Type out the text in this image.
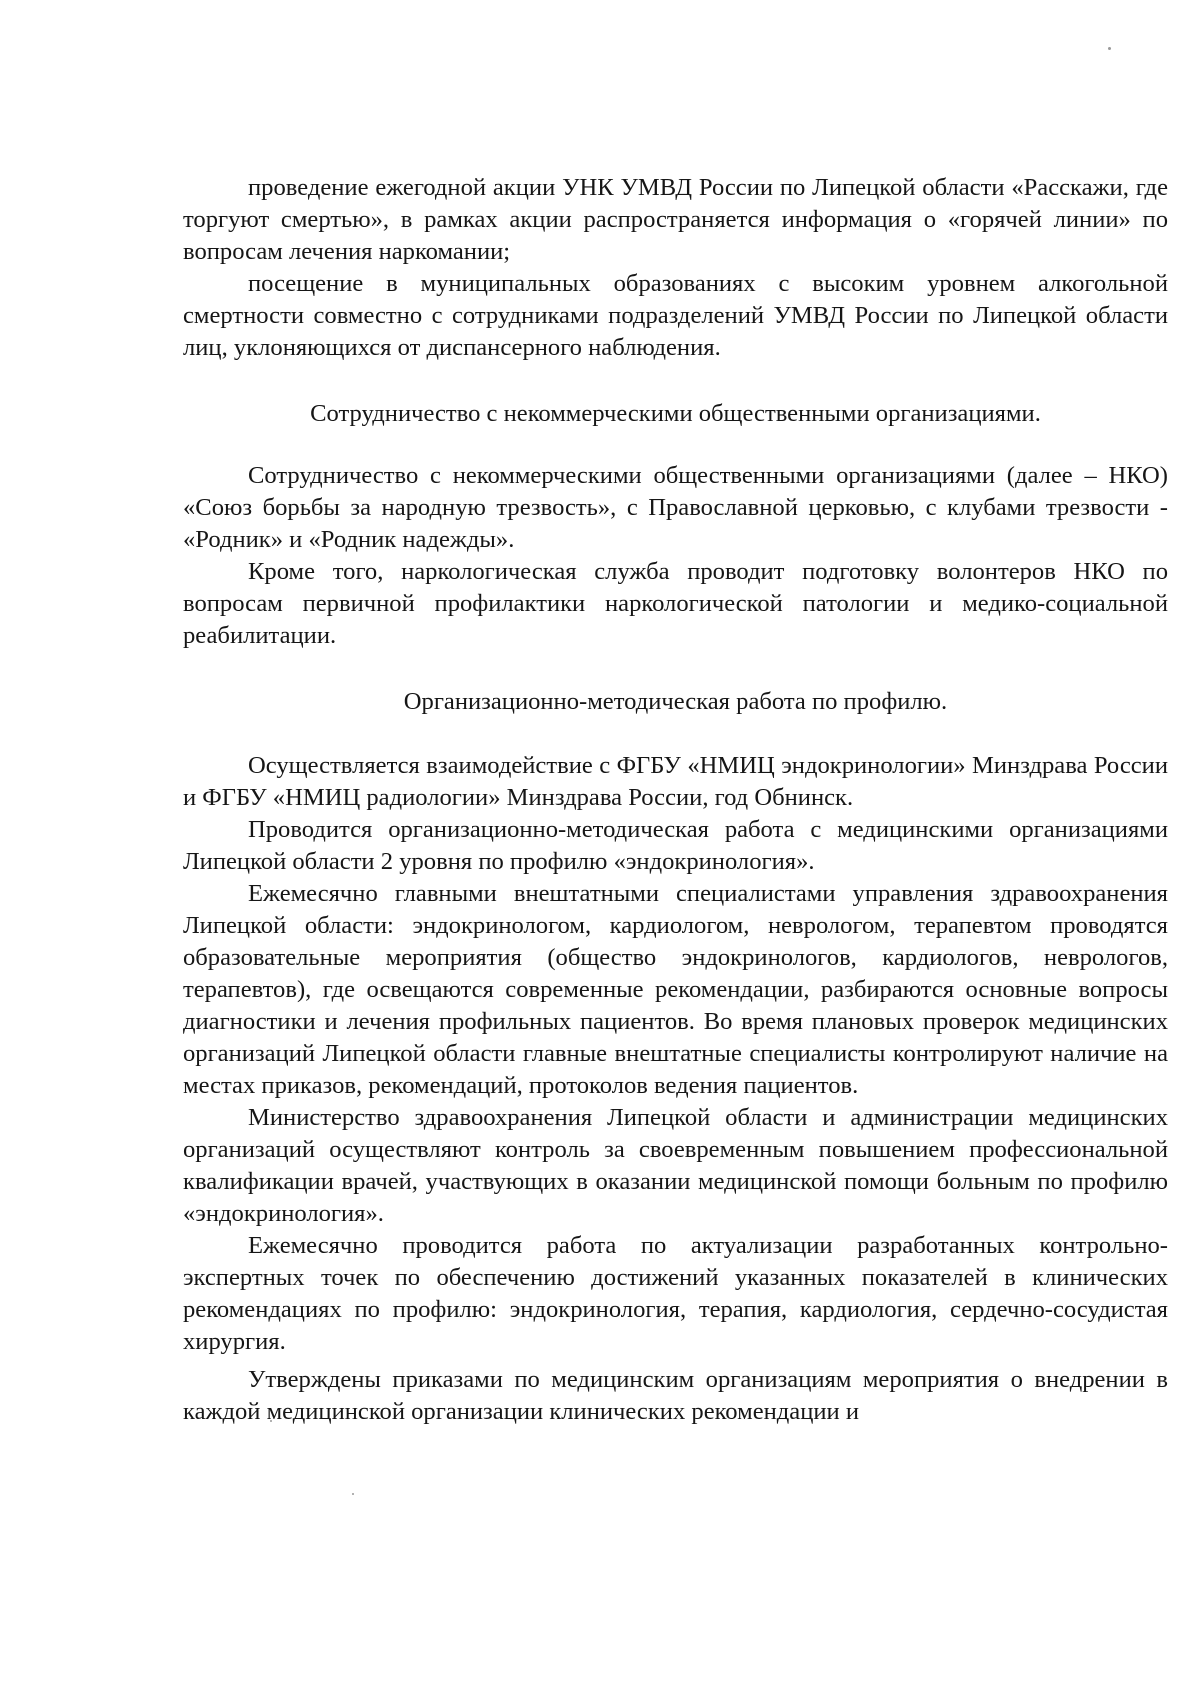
проведение ежегодной акции УНК УМВД России по Липецкой области «Расскажи, где торгуют смертью», в рамках акции распространяется информация о «горячей линии» по вопросам лечения наркомании;

посещение в муниципальных образованиях с высоким уровнем алкогольной смертности совместно с сотрудниками подразделений УМВД России по Липецкой области лиц, уклоняющихся от диспансерного наблюдения.

Сотрудничество с некоммерческими общественными организациями.

Сотрудничество с некоммерческими общественными организациями (далее – НКО) «Союз борьбы за народную трезвость», с Православной церковью, с клубами трезвости - «Родник» и «Родник надежды».

Кроме того, наркологическая служба проводит подготовку волонтеров НКО по вопросам первичной профилактики наркологической патологии и медико-социальной реабилитации.

Организационно-методическая работа по профилю.

Осуществляется взаимодействие с ФГБУ «НМИЦ эндокринологии» Минздрава России и ФГБУ «НМИЦ радиологии» Минздрава России, год Обнинск.

Проводится организационно-методическая работа с медицинскими организациями Липецкой области 2 уровня по профилю «эндокринология».

Ежемесячно главными внештатными специалистами управления здравоохранения Липецкой области: эндокринологом, кардиологом, неврологом, терапевтом проводятся образовательные мероприятия (общество эндокринологов, кардиологов, неврологов, терапевтов), где освещаются современные рекомендации, разбираются основные вопросы диагностики и лечения профильных пациентов. Во время плановых проверок медицинских организаций Липецкой области главные внештатные специалисты контролируют наличие на местах приказов, рекомендаций, протоколов ведения пациентов.

Министерство здравоохранения Липецкой области и администрации медицинских организаций осуществляют контроль за своевременным повышением профессиональной квалификации врачей, участвующих в оказании медицинской помощи больным по профилю «эндокринология».

Ежемесячно проводится работа по актуализации разработанных контрольно-экспертных точек по обеспечению достижений указанных показателей в клинических рекомендациях по профилю: эндокринология, терапия, кардиология, сердечно-сосудистая хирургия.

Утверждены приказами по медицинским организациям мероприятия о внедрении в каждой медицинской организации клинических рекомендации и
